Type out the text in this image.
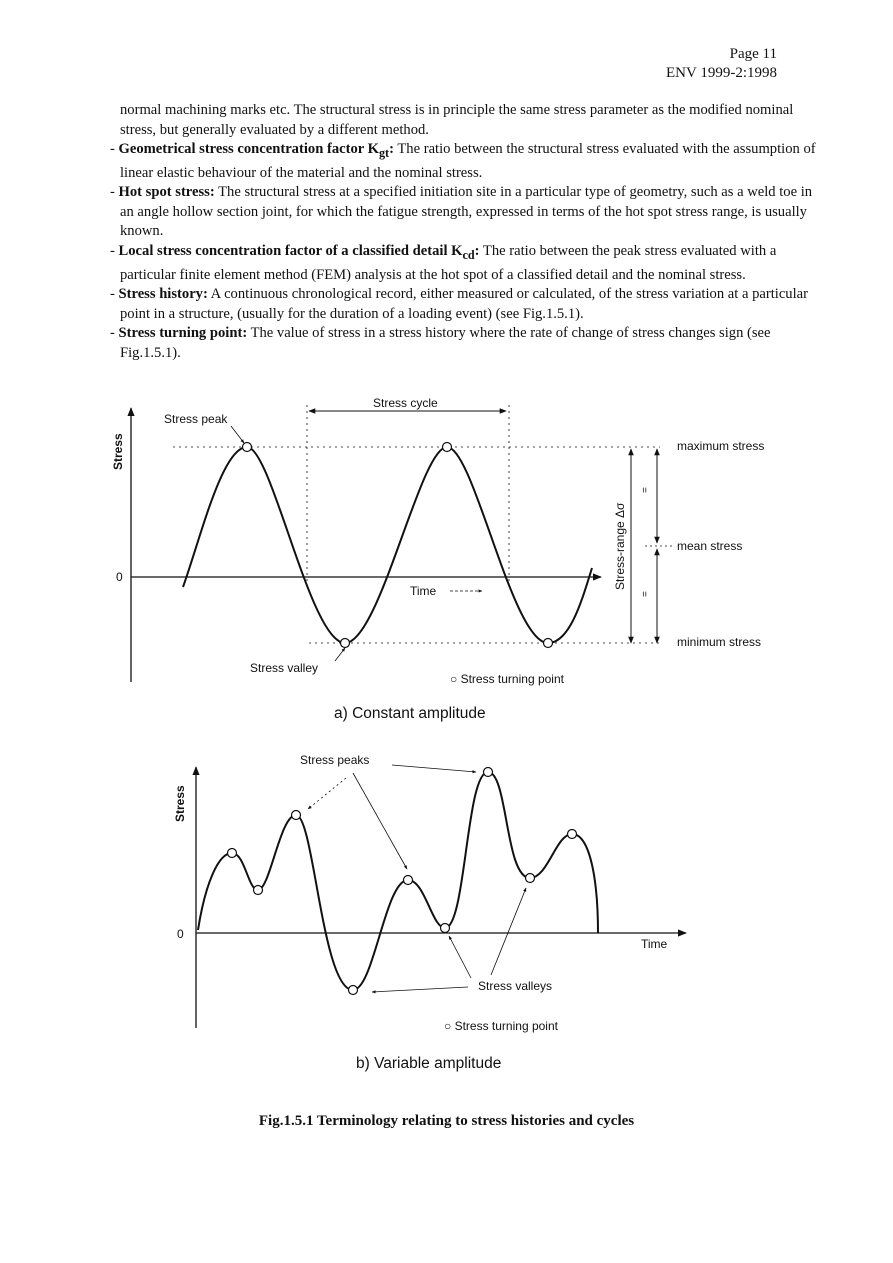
Page 11
ENV 1999-2:1998

normal machining marks etc. The structural stress is in principle the same stress parameter as the modified nominal stress, but generally evaluated by a different method.

- Geometrical stress concentration factor $K_{gt}$: The ratio between the structural stress evaluated with the assumption of linear elastic behaviour of the material and the nominal stress.

- Hot spot stress: The structural stress at a specified initiation site in a particular type of geometry, such as a weld toe in an angle hollow section joint, for which the fatigue strength, expressed in terms of the hot spot stress range, is usually known.

- Local stress concentration factor of a classified detail $K_{cd}$: The ratio between the peak stress evaluated with a particular finite element method (FEM) analysis at the hot spot of a classified detail and the nominal stress.

- Stress history: A continuous chronological record, either measured or calculated, of the stress variation at a particular point in a structure, (usually for the duration of a loading event) (see Fig.1.5.1).

- Stress turning point: The value of stress in a stress history where the rate of change of stress changes sign (see Fig.1.5.1).

Stress
0
Stress peak
Stress cycle
Time
Stress-range Δσ
maximum stress
mean stress
minimum stress
=
=
Stress valley
○ Stress turning point
a) Constant amplitude
Stress
0
Stress peaks
Time
Stress valleys
○ Stress turning point
b) Variable amplitude
Fig.1.5.1 Terminology relating to stress histories and cycles
